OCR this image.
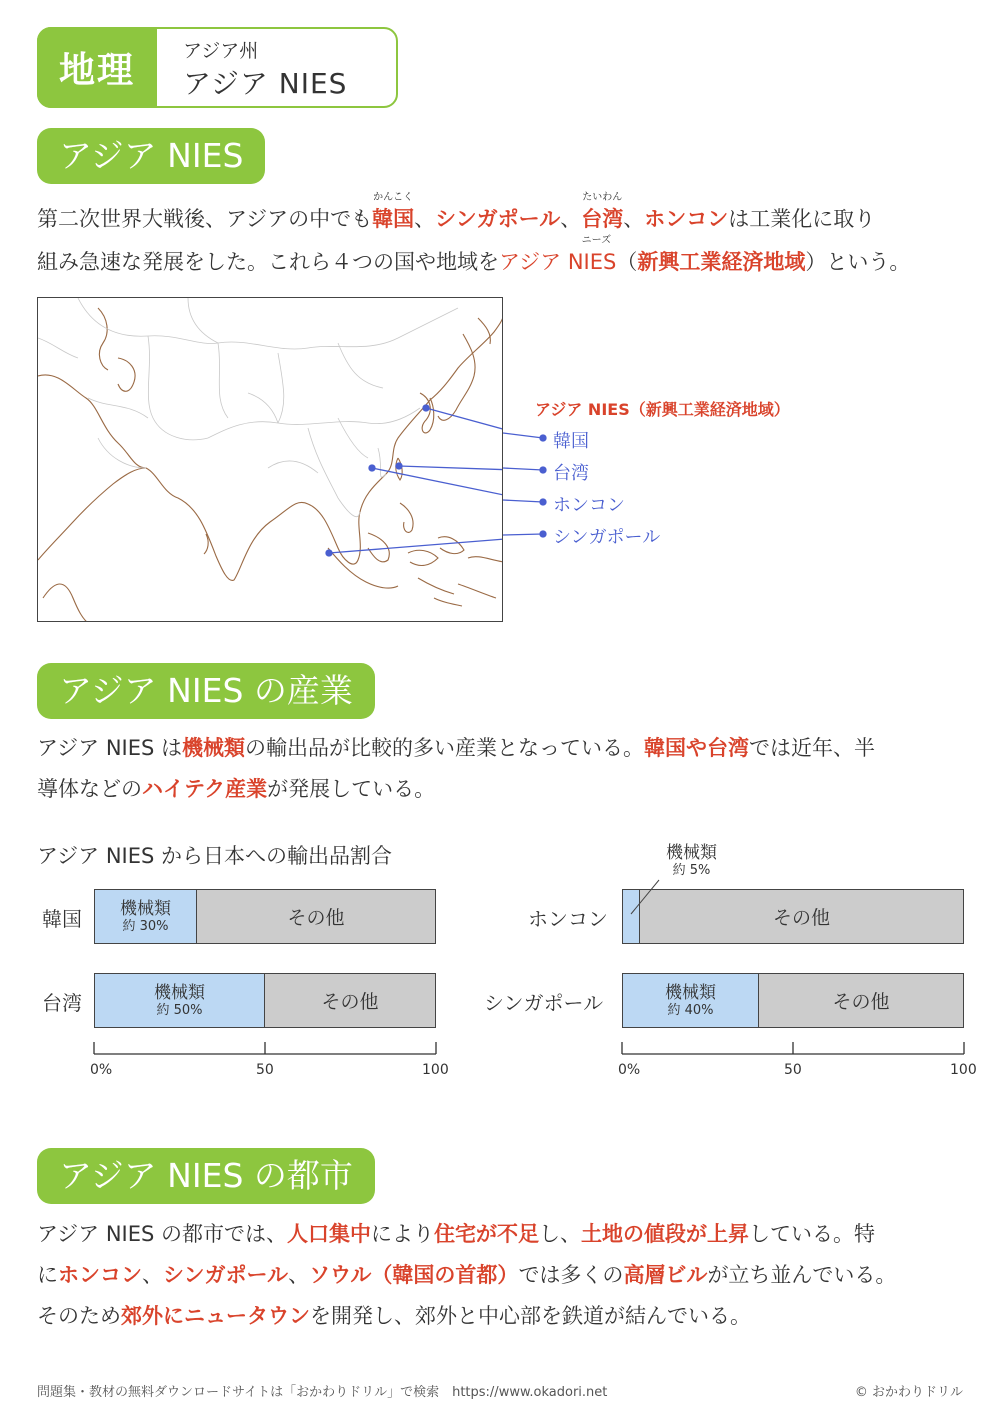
地理	アジア州
アジア NIES
アジア NIES
第二次世界大戦後、アジアの中でも韓国
かんこく
、シンガポール、台湾
たいわん
、ホンコンは工業化に取り
組み急速な発展をした。これら４つの国や地域をアジア NIES
ニーズ
（新興工業経済地域）という。
アジア NIES（新興工業経済地域）
韓国
台湾
ホンコン
シンガポール
アジア NIES の産業
アジア NIES は機械類の輸出品が比較的多い産業となっている。韓国や台湾では近年、半
導体などのハイテク産業が発展している。
アジア NIES から日本への輸出品割合
韓国
台湾
ホンコン
シンガポール
機械類
約 30%	その他
機械類
約 50%	その他
その他
機械類
約 40%	その他
機械類
約 5%
0%	50	100	0%	50	100
アジア NIES の都市
アジア NIES の都市では、人口集中により住宅が不足し、土地の値段が上昇している。特
にホンコン、シンガポール、ソウル（韓国の首都）では多くの高層ビルが立ち並んでいる。
そのため郊外にニュータウンを開発し、郊外と中心部を鉄道が結んでいる。
問題集・教材の無料ダウンロードサイトは「おかわりドリル」で検索　https://www.okadori.net	© おかわりドリル
